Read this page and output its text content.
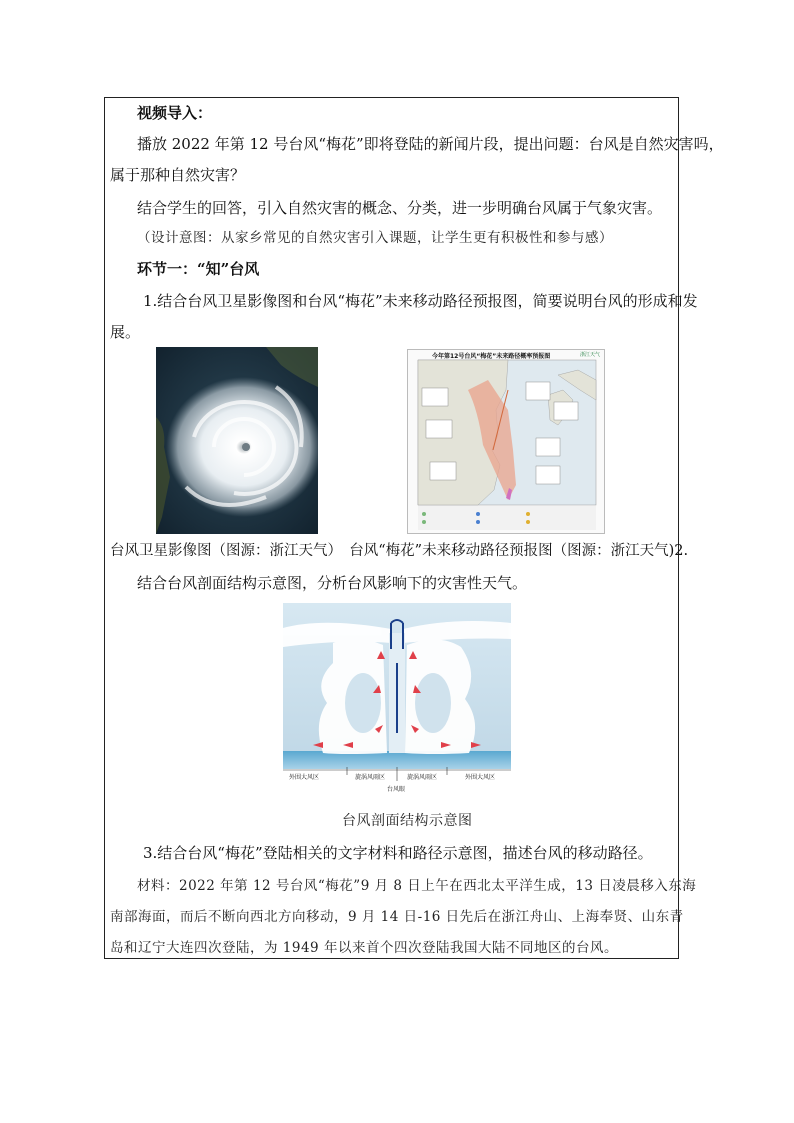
视频导入：
播放 2022 年第 12 号台风“梅花”即将登陆的新闻片段，提出问题：台风是自然灾害吗，
属于那种自然灾害？
结合学生的回答，引入自然灾害的概念、分类，进一步明确台风属于气象灾害。
（设计意图：从家乡常见的自然灾害引入课题，让学生更有积极性和参与感）
环节一：“知”台风
1.结合台风卫星影像图和台风“梅花”未来移动路径预报图，简要说明台风的形成和发
展。
今年第12号台风“梅花”未来路径概率预报图	浙江天气
台风卫星影像图（图源：浙江天气）　台风“梅花”未来移动路径预报图（图源：浙江天气)2.
结合台风剖面结构示意图，分析台风影响下的灾害性天气。
外围大风区	旋涡风雨区	旋涡风雨区	外围大风区
台风眼
台风剖面结构示意图
3.结合台风“梅花”登陆相关的文字材料和路径示意图，描述台风的移动路径。
材料：2022 年第 12 号台风“梅花”9 月 8 日上午在西北太平洋生成，13 日凌晨移入东海
南部海面，而后不断向西北方向移动，9 月 14 日-16 日先后在浙江舟山、上海奉贤、山东青
岛和辽宁大连四次登陆，为 1949 年以来首个四次登陆我国大陆不同地区的台风。
